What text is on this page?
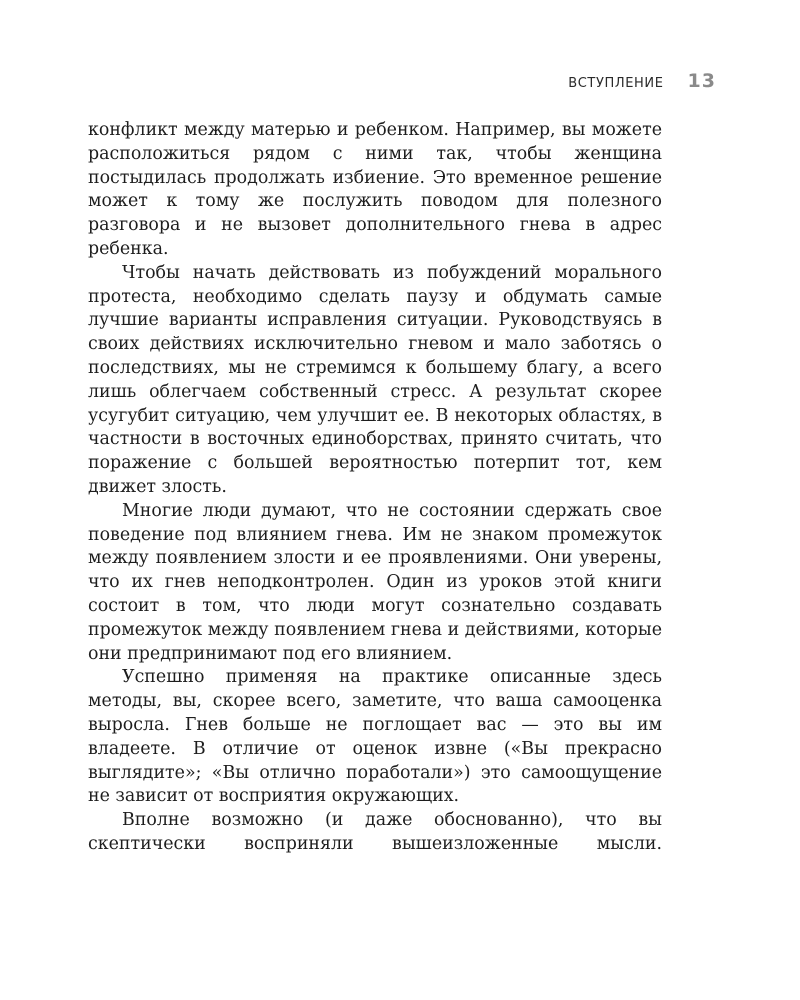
ВСТУПЛЕНИЕ 13

конфликт между матерью и ребенком. Например, вы можете расположиться рядом с ними так, чтобы женщина постыдилась продолжать избиение. Это временное решение может к тому же послужить поводом для полезного разговора и не вызовет дополнительного гнева в адрес ребенка.

Чтобы начать действовать из побуждений морального протеста, необходимо сделать паузу и обдумать самые лучшие варианты исправления ситуации. Руководствуясь в своих действиях исключительно гневом и мало заботясь о последствиях, мы не стремимся к большему благу, а всего лишь облегчаем собственный стресс. А результат скорее усугубит ситуацию, чем улучшит ее. В некоторых областях, в частности в восточных единоборствах, принято считать, что поражение с большей вероятностью потерпит тот, кем движет злость.

Многие люди думают, что не состоянии сдержать свое поведение под влиянием гнева. Им не знаком промежуток между появлением злости и ее проявлениями. Они уверены, что их гнев неподконтролен. Один из уроков этой книги состоит в том, что люди могут сознательно создавать промежуток между появлением гнева и действиями, которые они предпринимают под его влиянием.

Успешно применяя на практике описанные здесь методы, вы, скорее всего, заметите, что ваша самооценка выросла. Гнев больше не поглощает вас — это вы им владеете. В отличие от оценок извне («Вы прекрасно выглядите»; «Вы отлично поработали») это самоощущение не зависит от восприятия окружающих.

Вполне возможно (и даже обоснованно), что вы скептически восприняли вышеизложенные мысли.
